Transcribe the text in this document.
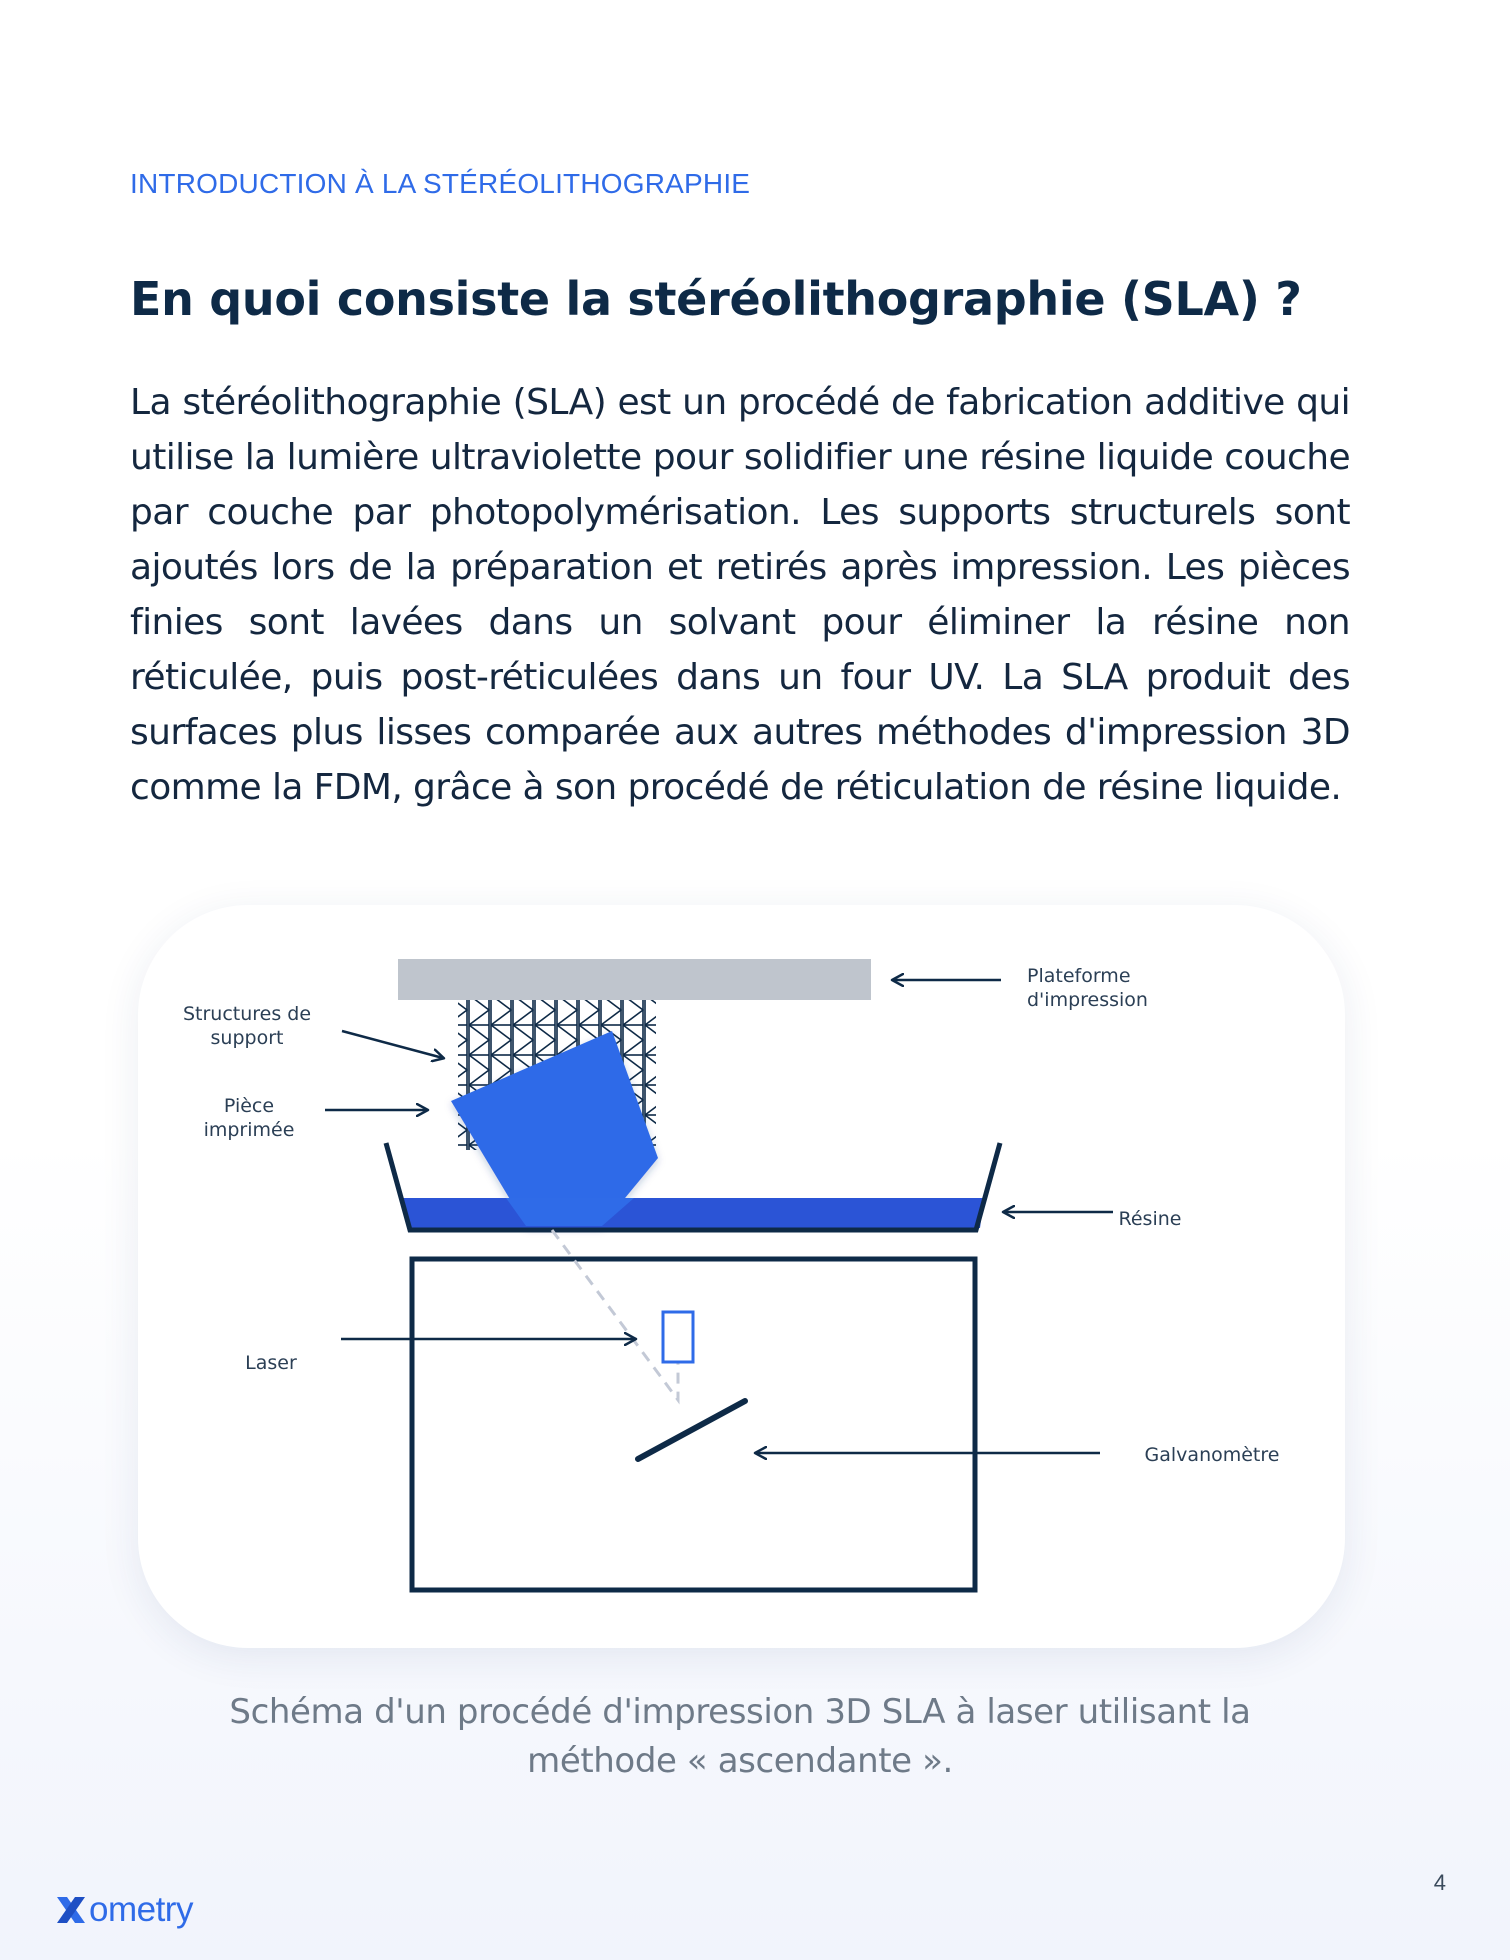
INTRODUCTION À LA STÉRÉOLITHOGRAPHIE
En quoi consiste la stéréolithographie (SLA) ?

La stéréolithographie (SLA) est un procédé de fabrication additive qui utilise la lumière ultraviolette pour solidifier une résine liquide couche par couche par photopolymérisation. Les supports structurels sont ajoutés lors de la préparation et retirés après impression. Les pièces finies sont lavées dans un solvant pour éliminer la résine non réticulée, puis post-réticulées dans un four UV. La SLA produit des surfaces plus lisses comparée aux autres méthodes d'impression 3D comme la FDM, grâce à son procédé de réticulation de résine liquide.

Plateforme
d'impression
Structures de
support
Pièce
imprimée
Résine
Laser
Galvanomètre

Schéma d'un procédé d'impression 3D SLA à laser utilisant la
méthode « ascendante ».

ometry
4
